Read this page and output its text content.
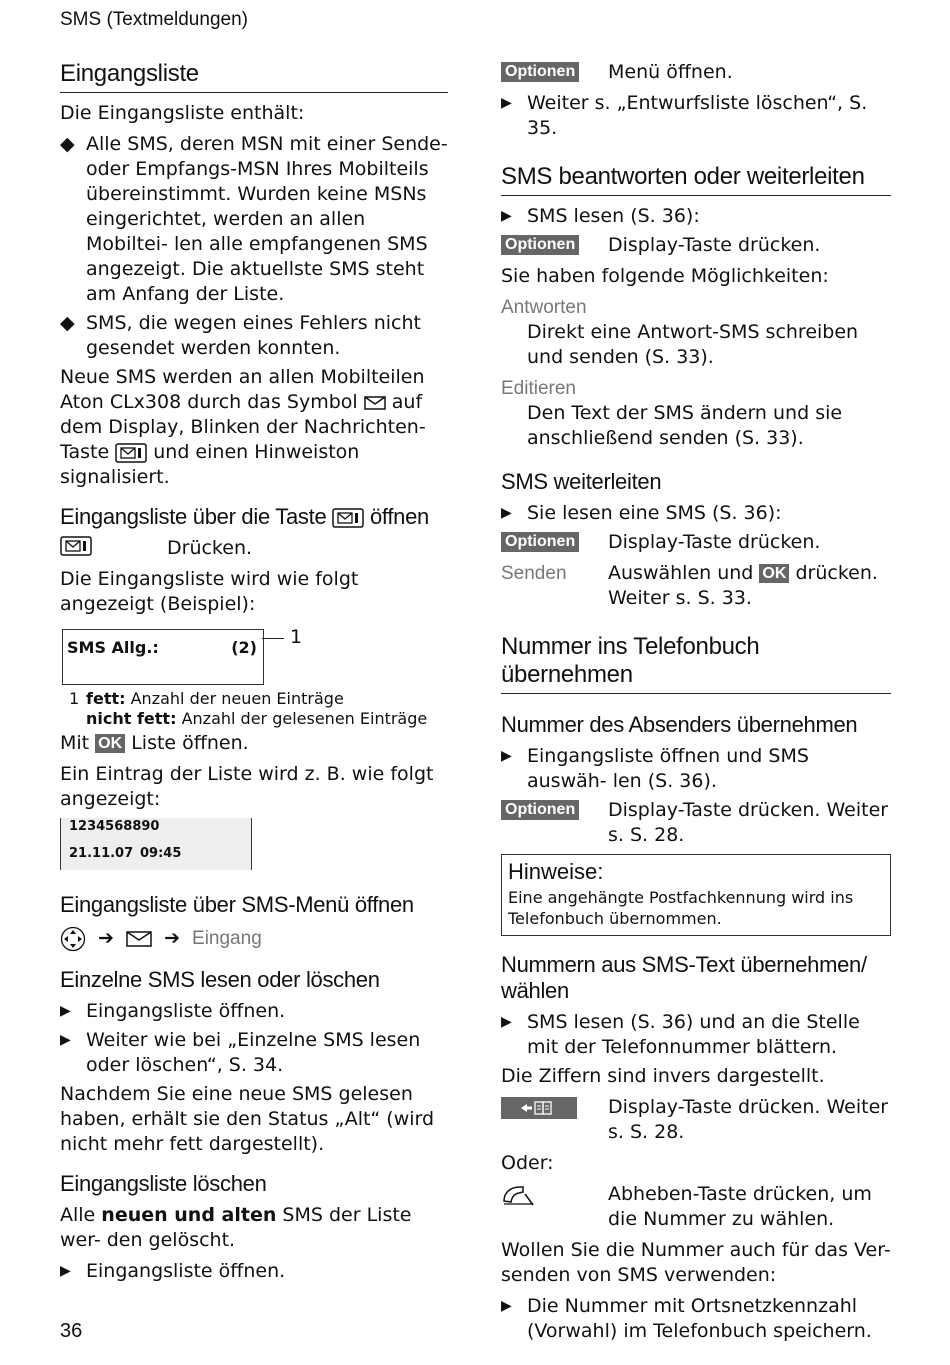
SMS (Textmeldungen)
Eingangsliste

Die Eingangsliste enthält:

◆ Alle SMS, deren MSN mit einer Sende- oder Empfangs-MSN Ihres Mobilteils übereinstimmt. Wurden keine MSNs eingerichtet, werden an allen Mobiltei- len alle empfangenen SMS angezeigt. Die aktuellste SMS steht am Anfang der Liste.
◆ SMS, die wegen eines Fehlers nicht gesendet werden konnten.

Neue SMS werden an allen Mobilteilen Aton CLx308 durch das Symbol auf dem Display, Blinken der Nachrichten-Taste und einen Hinweiston signalisiert.

Eingangsliste über die Taste öffnen
Drücken.

Die Eingangsliste wird wie folgt angezeigt (Beispiel):

SMS Allg.:	(2) 1
1 fett: Anzahl der neuen Einträge
nicht fett: Anzahl der gelesenen Einträge

Mit OK Liste öffnen.

Ein Eintrag der Liste wird z. B. wie folgt angezeigt:

1234568890
21.11.07 09:45
Eingangsliste über SMS-Menü öffnen
➔	➔ Eingang
Einzelne SMS lesen oder löschen
▶ Eingangsliste öffnen.
▶ Weiter wie bei „Einzelne SMS lesen oder löschen“, S. 34.

Nachdem Sie eine neue SMS gelesen haben, erhält sie den Status „Alt“ (wird nicht mehr fett dargestellt).

Eingangsliste löschen

Alle neuen und alten SMS der Liste wer- den gelöscht.

▶ Eingangsliste öffnen.
Optionen Menü öffnen.
▶ Weiter s. „Entwurfsliste löschen“, S. 35.
SMS beantworten oder weiterleiten
▶ SMS lesen (S. 36):
Optionen Display-Taste drücken.

Sie haben folgende Möglichkeiten:

Antworten
Direkt eine Antwort-SMS schreiben und senden (S. 33).
Editieren
Den Text der SMS ändern und sie anschließend senden (S. 33).
SMS weiterleiten
▶ Sie lesen eine SMS (S. 36):
Optionen Display-Taste drücken.
Senden Auswählen und OK drücken. Weiter s. S. 33.
Nummer ins Telefonbuch übernehmen
Nummer des Absenders übernehmen
▶ Eingangsliste öffnen und SMS auswäh- len (S. 36).
Optionen Display-Taste drücken. Weiter s. S. 28.
Hinweise:
Eine angehängte Postfachkennung wird ins Telefonbuch übernommen.
Nummern aus SMS-Text übernehmen/ wählen
▶ SMS lesen (S. 36) und an die Stelle mit der Telefonnummer blättern.

Die Ziffern sind invers dargestellt.

Display-Taste drücken. Weiter s. S. 28.

Oder:

Abheben-Taste drücken, um die Nummer zu wählen.

Wollen Sie die Nummer auch für das Ver- senden von SMS verwenden:

▶ Die Nummer mit Ortsnetzkennzahl (Vorwahl) im Telefonbuch speichern.
36
